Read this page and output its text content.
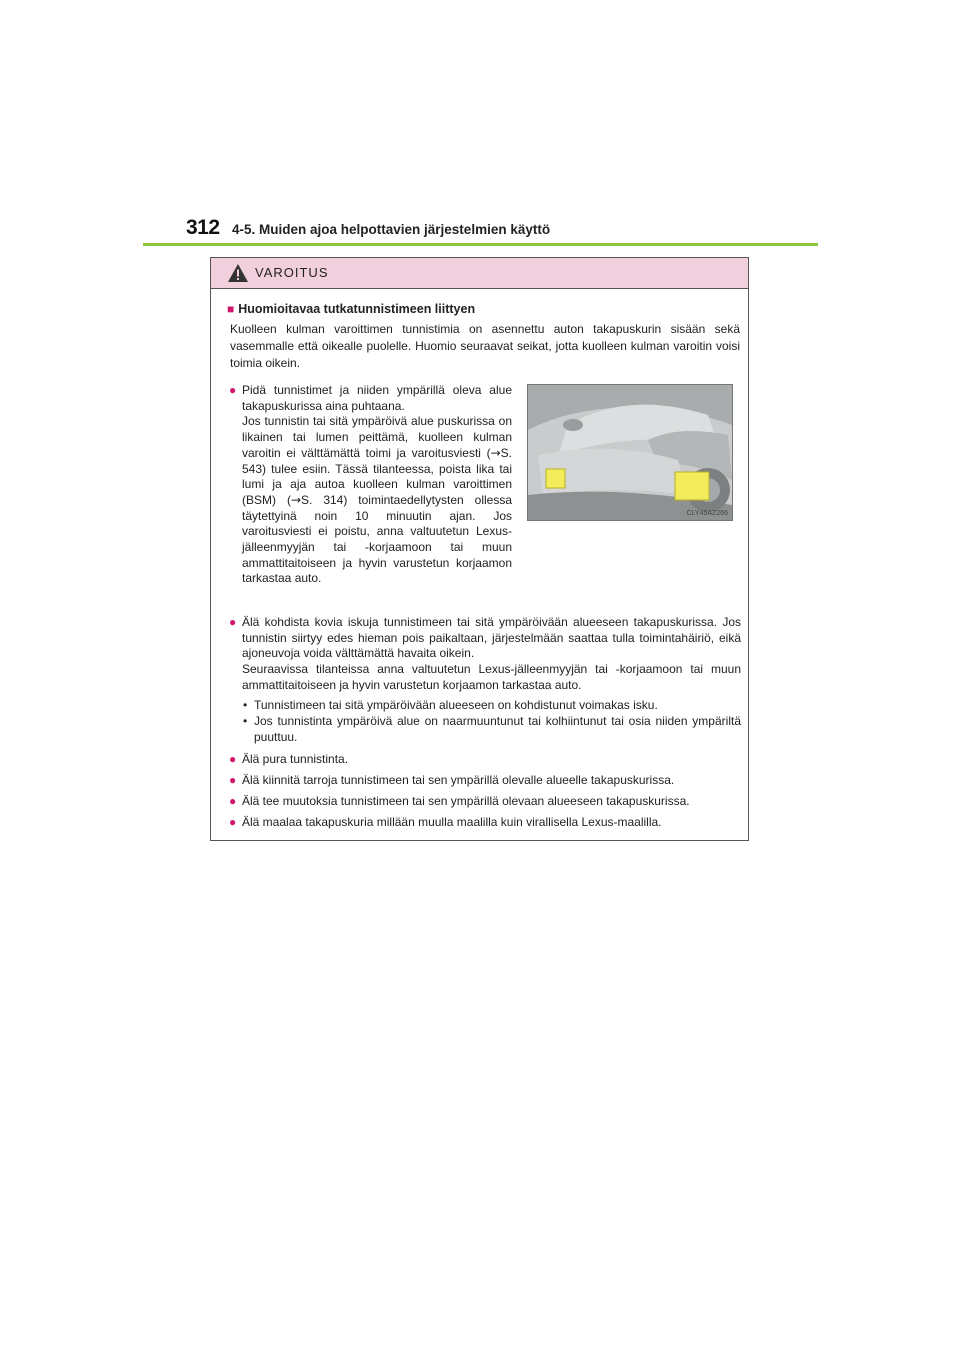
312 4-5. Muiden ajoa helpottavien järjestelmien käyttö
VAROITUS
■ Huomioitavaa tutkatunnistimeen liittyen
Kuolleen kulman varoittimen tunnistimia on asennettu auton takapuskurin sisään sekä vasemmalle että oikealle puolelle. Huomio seuraavat seikat, jotta kuolleen kulman varoitin voisi toimia oikein.
● Pidä tunnistimet ja niiden ympärillä oleva alue takapuskurissa aina puhtaana.
Jos tunnistin tai sitä ympäröivä alue puskurissa on likainen tai lumen peittämä, kuolleen kulman varoitin ei välttämättä toimi ja varoitusviesti (→S. 543) tulee esiin. Tässä tilanteessa, poista lika tai lumi ja aja autoa kuolleen kulman varoittimen (BSM) (→S. 314) toimintaedellytysten ollessa täytettyinä noin 10 minuutin ajan. Jos varoitusviesti ei poistu, anna valtuutetun Lexus-jälleenmyyjän tai -korjaamoon tai muun ammattitaitoiseen ja hyvin varustetun korjaamon tarkastaa auto.
CLY45AZ266
● Älä kohdista kovia iskuja tunnistimeen tai sitä ympäröivään alueeseen takapuskurissa. Jos tunnistin siirtyy edes hieman pois paikaltaan, järjestelmään saattaa tulla toimintahäiriö, eikä ajoneuvoja voida välttämättä havaita oikein.
Seuraavissa tilanteissa anna valtuutetun Lexus-jälleenmyyjän tai -korjaamoon tai muun ammattitaitoiseen ja hyvin varustetun korjaamon tarkastaa auto.
• Tunnistimeen tai sitä ympäröivään alueeseen on kohdistunut voimakas isku.
• Jos tunnistinta ympäröivä alue on naarmuuntunut tai kolhiintunut tai osia niiden ympäriltä puuttuu.
● Älä pura tunnistinta.
● Älä kiinnitä tarroja tunnistimeen tai sen ympärillä olevalle alueelle takapuskurissa.
● Älä tee muutoksia tunnistimeen tai sen ympärillä olevaan alueeseen takapuskurissa.
● Älä maalaa takapuskuria millään muulla maalilla kuin virallisella Lexus-maalilla.
